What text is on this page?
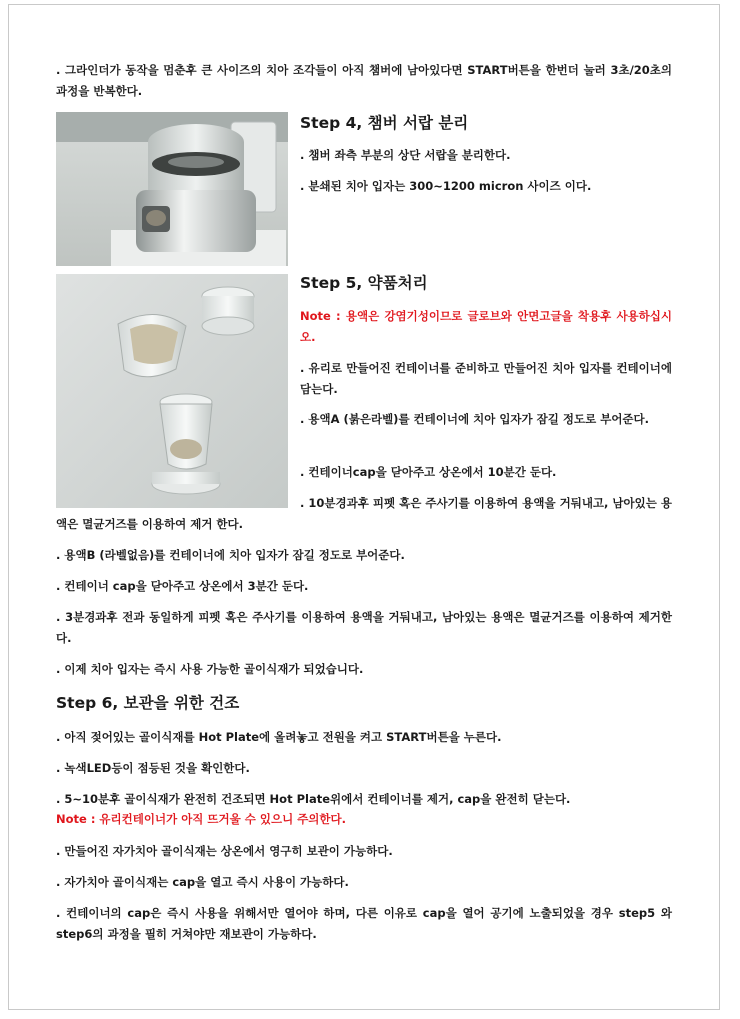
. 그라인더가 동작을 멈춘후 큰 사이즈의 치아 조각들이 아직 챔버에 남아있다면 START버튼을 한번더 눌러 3초/20초의 과정을 반복한다.

Step 4, 챔버 서랍 분리

. 챔버 좌측 부분의 상단 서랍을 분리한다.

. 분쇄된 치아 입자는 300~1200 micron 사이즈 이다.

Step 5, 약품처리

Note : 용액은 강염기성이므로 글로브와 안면고글을 착용후 사용하십시오.

. 유리로 만들어진 컨테이너를 준비하고 만들어진 치아 입자를 컨테이너에 담는다.

. 용액A (붉은라벨)를 컨테이너에 치아 입자가 잠길 정도로 부어준다.

. 컨테이너cap을 닫아주고 상온에서 10분간 둔다.

. 10분경과후 피펫 혹은 주사기를 이용하여 용액을 거둬내고, 남아있는 용액은 멸균거즈를 이용하여 제거 한다.

. 용액B (라벨없음)를 컨테이너에 치아 입자가 잠길 정도로 부어준다.

. 컨테이너 cap을 닫아주고 상온에서 3분간 둔다.

. 3분경과후 전과 동일하게 피펫 혹은 주사기를 이용하여 용액을 거둬내고, 남아있는 용액은 멸균거즈를 이용하여 제거한다.

. 이제 치아 입자는 즉시 사용 가능한 골이식재가 되었습니다.

Step 6, 보관을 위한 건조

. 아직 젖어있는 골이식재를 Hot Plate에 올려놓고 전원을 켜고 START버튼을 누른다.

. 녹색LED등이 점등된 것을 확인한다.

. 5~10분후 골이식재가 완전히 건조되면 Hot Plate위에서 컨테이너를 제거, cap을 완전히 닫는다.

Note : 유리컨테이너가 아직 뜨거울 수 있으니 주의한다.

. 만들어진 자가치아 골이식재는 상온에서 영구히 보관이 가능하다.

. 자가치아 골이식재는 cap을 열고 즉시 사용이 가능하다.

. 컨테이너의 cap은 즉시 사용을 위해서만 열어야 하며, 다른 이유로 cap을 열어 공기에 노출되었을 경우 step5 와 step6의 과정을 필히 거쳐야만 재보관이 가능하다.
